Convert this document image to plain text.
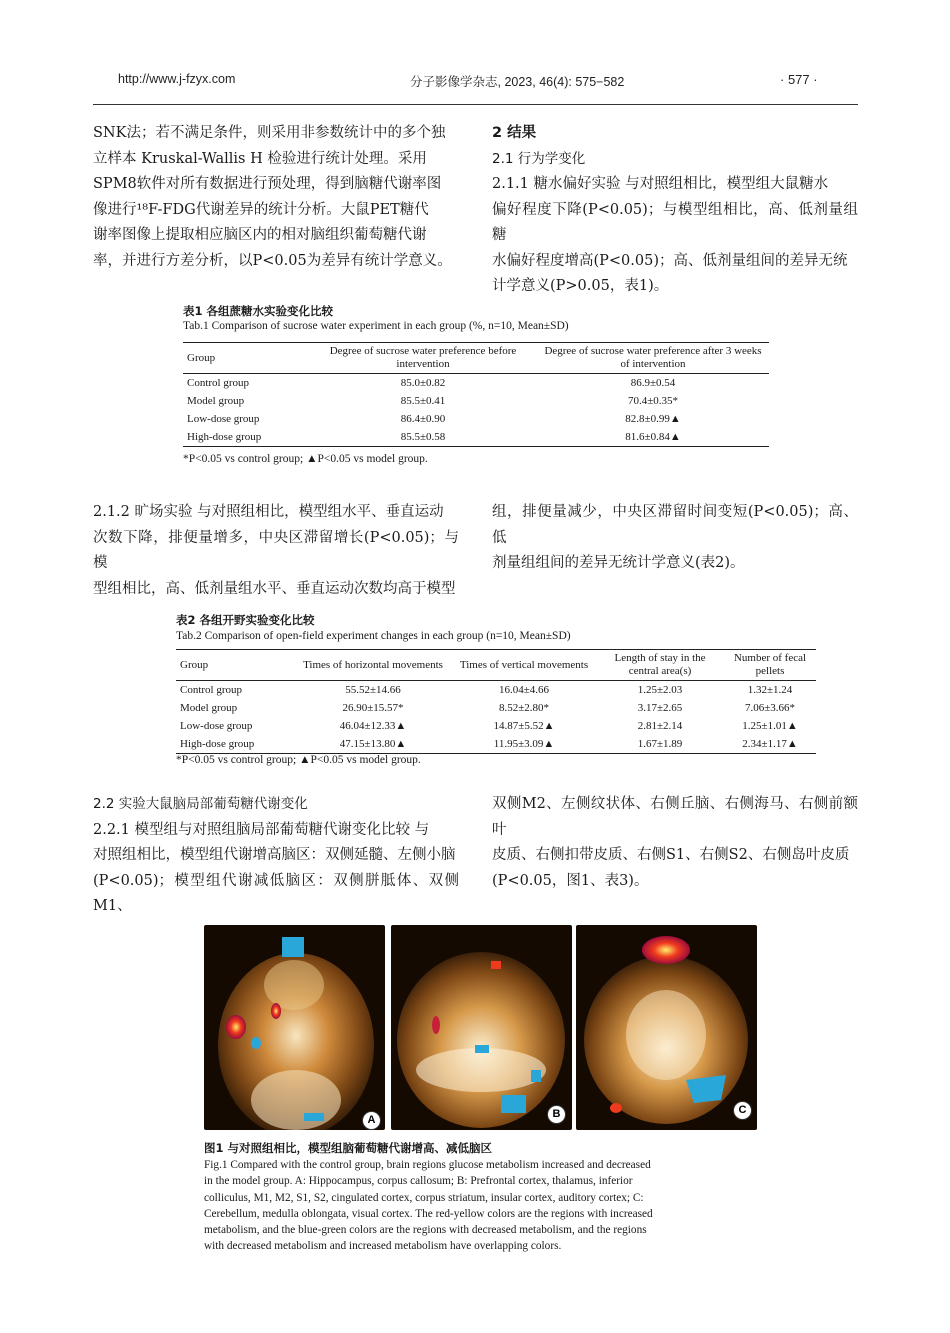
http://www.j-fzyx.com	分子影像学杂志, 2023, 46(4): 575−582	· 577 ·

SNK法；若不满足条件，则采用非参数统计中的多个独

立样本 Kruskal-Wallis H 检验进行统计处理。采用

SPM8软件对所有数据进行预处理，得到脑糖代谢率图

像进行¹⁸F-FDG代谢差异的统计分析。大鼠PET糖代

谢率图像上提取相应脑区内的相对脑组织葡萄糖代谢

率，并进行方差分析，以P<0.05为差异有统计学意义。

2 结果
2.1 行为学变化

2.1.1 糖水偏好实验 与对照组相比，模型组大鼠糖水

偏好程度下降(P<0.05)；与模型组相比，高、低剂量组糖

水偏好程度增高(P<0.05)；高、低剂量组间的差异无统

计学意义(P>0.05，表1)。

表1 各组蔗糖水实验变化比较
Tab.1 Comparison of sucrose water experiment in each group (%, n=10, Mean±SD)
Group	Degree of sucrose water preference before intervention	Degree of sucrose water preference after 3 weeks of intervention
Control group	85.0±0.82	86.9±0.54
Model group	85.5±0.41	70.4±0.35*
Low-dose group	86.4±0.90	82.8±0.99▲
High-dose group	85.5±0.58	81.6±0.84▲
*P<0.05 vs control group; ▲P<0.05 vs model group.

2.1.2 旷场实验 与对照组相比，模型组水平、垂直运动

次数下降，排便量增多，中央区滞留增长(P<0.05)；与模

型组相比，高、低剂量组水平、垂直运动次数均高于模型

组，排便量减少，中央区滞留时间变短(P<0.05)；高、低

剂量组组间的差异无统计学意义(表2)。

表2 各组开野实验变化比较
Tab.2 Comparison of open-field experiment changes in each group (n=10, Mean±SD)
Group	Times of horizontal movements	Times of vertical movements	Length of stay in the central area(s)	Number of fecal pellets
Control group	55.52±14.66	16.04±4.66	1.25±2.03	1.32±1.24
Model group	26.90±15.57*	8.52±2.80*	3.17±2.65	7.06±3.66*
Low-dose group	46.04±12.33▲	14.87±5.52▲	2.81±2.14	1.25±1.01▲
High-dose group	47.15±13.80▲	11.95±3.09▲	1.67±1.89	2.34±1.17▲
*P<0.05 vs control group; ▲P<0.05 vs model group.
2.2 实验大鼠脑局部葡萄糖代谢变化

2.2.1 模型组与对照组脑局部葡萄糖代谢变化比较 与

对照组相比，模型组代谢增高脑区：双侧延髓、左侧小脑

(P<0.05)；模型组代谢减低脑区：双侧胼胝体、双侧M1、

双侧M2、左侧纹状体、右侧丘脑、右侧海马、右侧前额叶

皮质、右侧扣带皮质、右侧S1、右侧S2、右侧岛叶皮质

(P<0.05，图1、表3)。

A	B	C
图1 与对照组相比，模型组脑葡萄糖代谢增高、减低脑区
Fig.1 Compared with the control group, brain regions glucose metabolism increased and decreased
in the model group. A: Hippocampus, corpus callosum; B: Prefrontal cortex, thalamus, inferior
colliculus, M1, M2, S1, S2, cingulated cortex, corpus striatum, insular cortex, auditory cortex; C:
Cerebellum, medulla oblongata, visual cortex. The red-yellow colors are the regions with increased
metabolism, and the blue-green colors are the regions with decreased metabolism, and the regions
with decreased metabolism and increased metabolism have overlapping colors.
